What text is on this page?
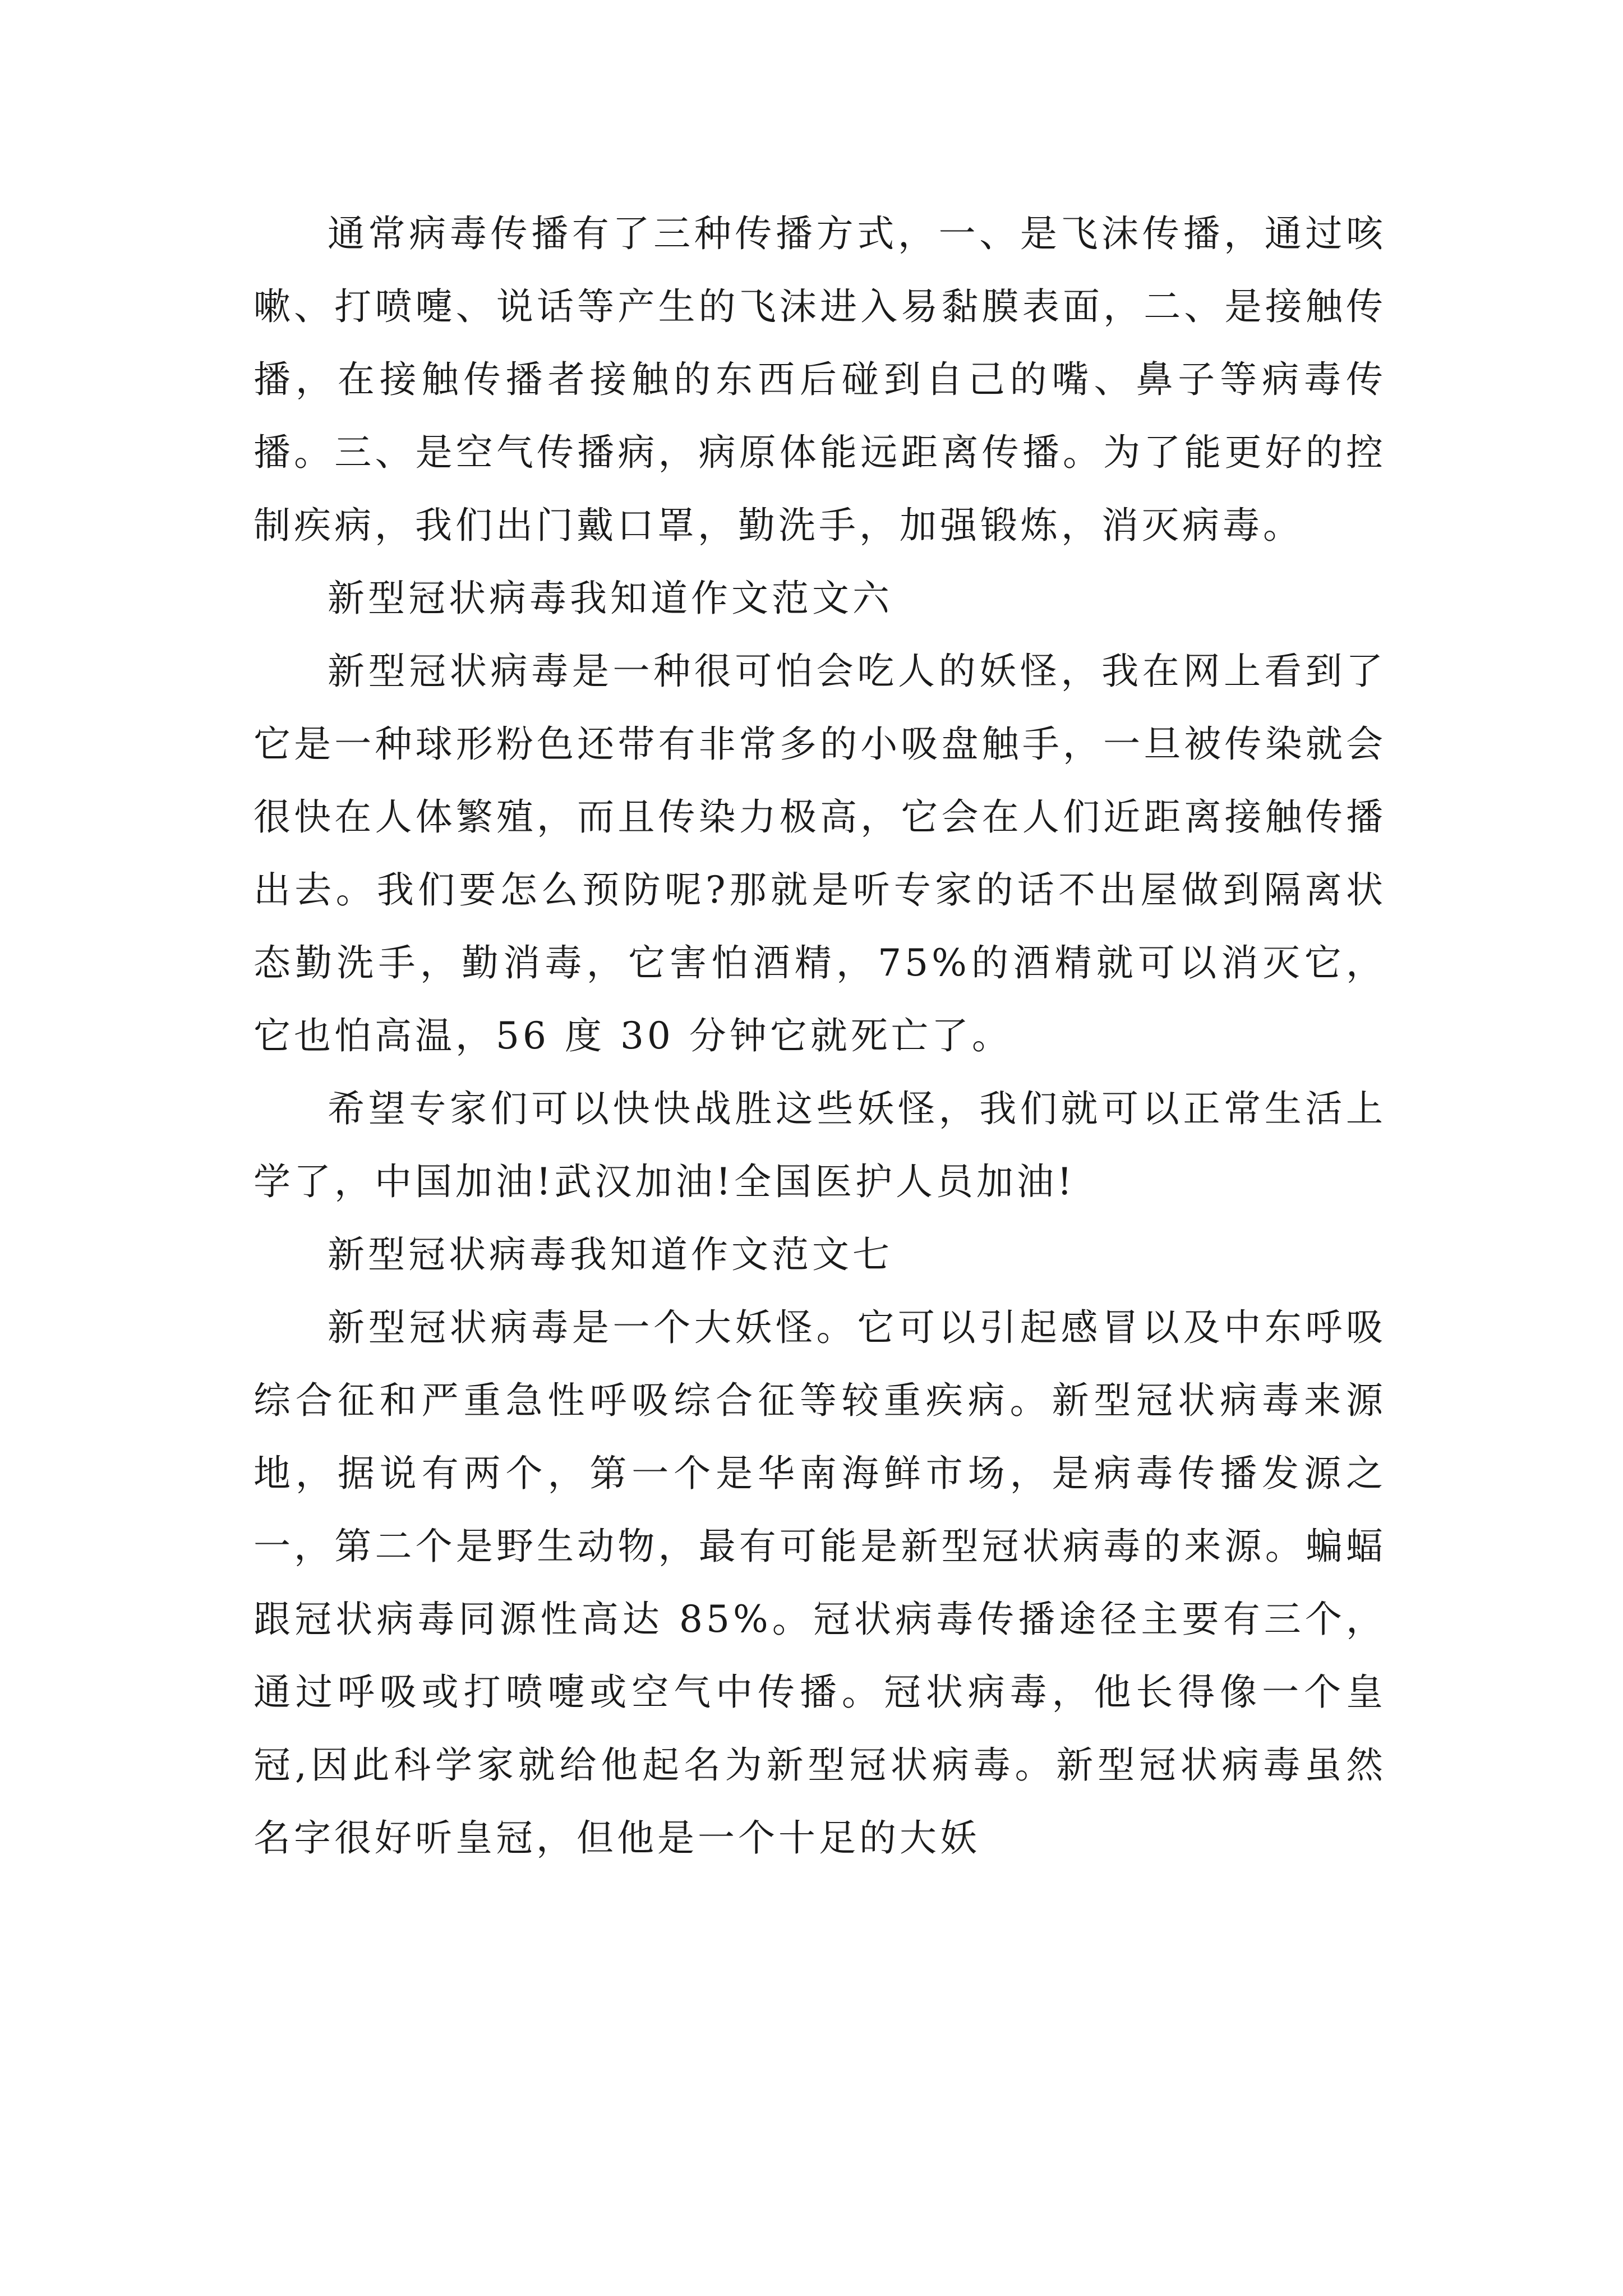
通常病毒传播有了三种传播方式，一、是飞沫传播，通过咳嗽、打喷嚏、说话等产生的飞沫进入易黏膜表面，二、是接触传播，在接触传播者接触的东西后碰到自己的嘴、鼻子等病毒传播。三、是空气传播病，病原体能远距离传播。为了能更好的控制疾病，我们出门戴口罩，勤洗手，加强锻炼，消灭病毒。

新型冠状病毒我知道作文范文六

新型冠状病毒是一种很可怕会吃人的妖怪，我在网上看到了它是一种球形粉色还带有非常多的小吸盘触手，一旦被传染就会很快在人体繁殖，而且传染力极高，它会在人们近距离接触传播出去。我们要怎么预防呢?那就是听专家的话不出屋做到隔离状态勤洗手，勤消毒，它害怕酒精，75%的酒精就可以消灭它，它也怕高温，56 度 30 分钟它就死亡了。

希望专家们可以快快战胜这些妖怪，我们就可以正常生活上学了，中国加油!武汉加油!全国医护人员加油!

新型冠状病毒我知道作文范文七

新型冠状病毒是一个大妖怪。它可以引起感冒以及中东呼吸综合征和严重急性呼吸综合征等较重疾病。新型冠状病毒来源地，据说有两个，第一个是华南海鲜市场，是病毒传播发源之一，第二个是野生动物，最有可能是新型冠状病毒的来源。蝙蝠跟冠状病毒同源性高达 85%。冠状病毒传播途径主要有三个，通过呼吸或打喷嚏或空气中传播。冠状病毒，他长得像一个皇冠,因此科学家就给他起名为新型冠状病毒。新型冠状病毒虽然名字很好听皇冠，但他是一个十足的大妖
